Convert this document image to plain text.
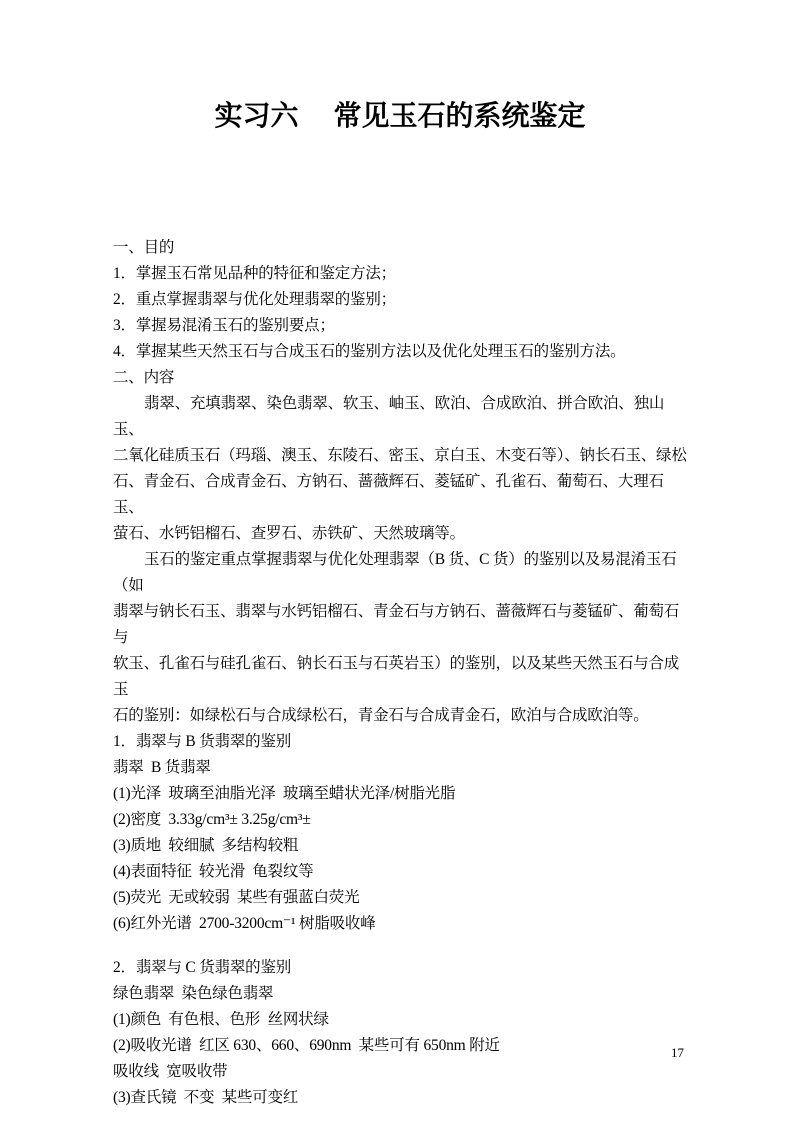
实习六 常见玉石的系统鉴定
一、目的
1．掌握玉石常见品种的特征和鉴定方法；
2．重点掌握翡翠与优化处理翡翠的鉴别；
3．掌握易混淆玉石的鉴别要点；
4．掌握某些天然玉石与合成玉石的鉴别方法以及优化处理玉石的鉴别方法。
二、内容
翡翠、充填翡翠、染色翡翠、软玉、岫玉、欧泊、合成欧泊、拼合欧泊、独山玉、
二氧化硅质玉石（玛瑙、澳玉、东陵石、密玉、京白玉、木变石等）、钠长石玉、绿松
石、青金石、合成青金石、方钠石、蔷薇辉石、菱锰矿、孔雀石、葡萄石、大理石玉、
萤石、水钙铝榴石、查罗石、赤铁矿、天然玻璃等。
玉石的鉴定重点掌握翡翠与优化处理翡翠（B 货、C 货）的鉴别以及易混淆玉石（如
翡翠与钠长石玉、翡翠与水钙铝榴石、青金石与方钠石、蔷薇辉石与菱锰矿、葡萄石与
软玉、孔雀石与硅孔雀石、钠长石玉与石英岩玉）的鉴别，以及某些天然玉石与合成玉
石的鉴别：如绿松石与合成绿松石，青金石与合成青金石，欧泊与合成欧泊等。
1．翡翠与 B 货翡翠的鉴别
翡翠  B 货翡翠
(1)光泽  玻璃至油脂光泽  玻璃至蜡状光泽/树脂光脂
(2)密度  3.33g/cm³± 3.25g/cm³±
(3)质地  较细腻  多结构较粗
(4)表面特征  较光滑  龟裂纹等
(5)荧光  无或较弱  某些有强蓝白荧光
(6)红外光谱  2700-3200cm⁻¹ 树脂吸收峰
2．翡翠与 C 货翡翠的鉴别
绿色翡翠  染色绿色翡翠
(1)颜色  有色根、色形  丝网状绿
(2)吸收光谱  红区 630、660、690nm  某些可有 650nm 附近
吸收线  宽吸收带
(3)查氏镜  不变  某些可变红
17
